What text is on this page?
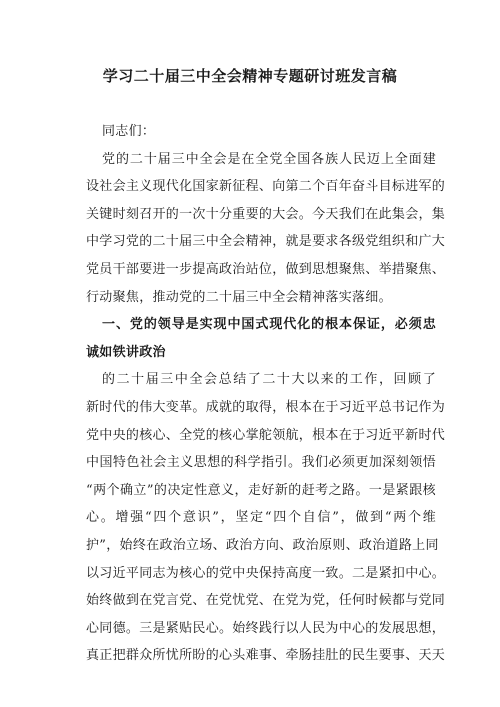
学习二十届三中全会精神专题研讨班发言稿
同志们：
党的二十届三中全会是在全党全国各族人民迈上全面建
设社会主义现代化国家新征程、向第二个百年奋斗目标进军的
关键时刻召开的一次十分重要的大会。今天我们在此集会，集
中学习党的二十届三中全会精神，就是要求各级党组织和广大
党员干部要进一步提高政治站位，做到思想聚焦、举措聚焦、
行动聚焦，推动党的二十届三中全会精神落实落细。
一、党的领导是实现中国式现代化的根本保证，必须忠
诚如铁讲政治
的二十届三中全会总结了二十大以来的工作，回顾了
新时代的伟大变革。成就的取得，根本在于习近平总书记作为
党中央的核心、全党的核心掌舵领航，根本在于习近平新时代
中国特色社会主义思想的科学指引。我们必须更加深刻领悟
“两个确立”的决定性意义，走好新的赶考之路。一是紧跟核
心。增强“四个意识”，坚定“四个自信”，做到“两个维
护”，始终在政治立场、政治方向、政治原则、政治道路上同
以习近平同志为核心的党中央保持高度一致。二是紧扣中心。
始终做到在党言党、在党忧党、在党为党，任何时候都与党同
心同德。三是紧贴民心。始终践行以人民为中心的发展思想，
真正把群众所忧所盼的心头难事、牵肠挂肚的民生要事、天天
